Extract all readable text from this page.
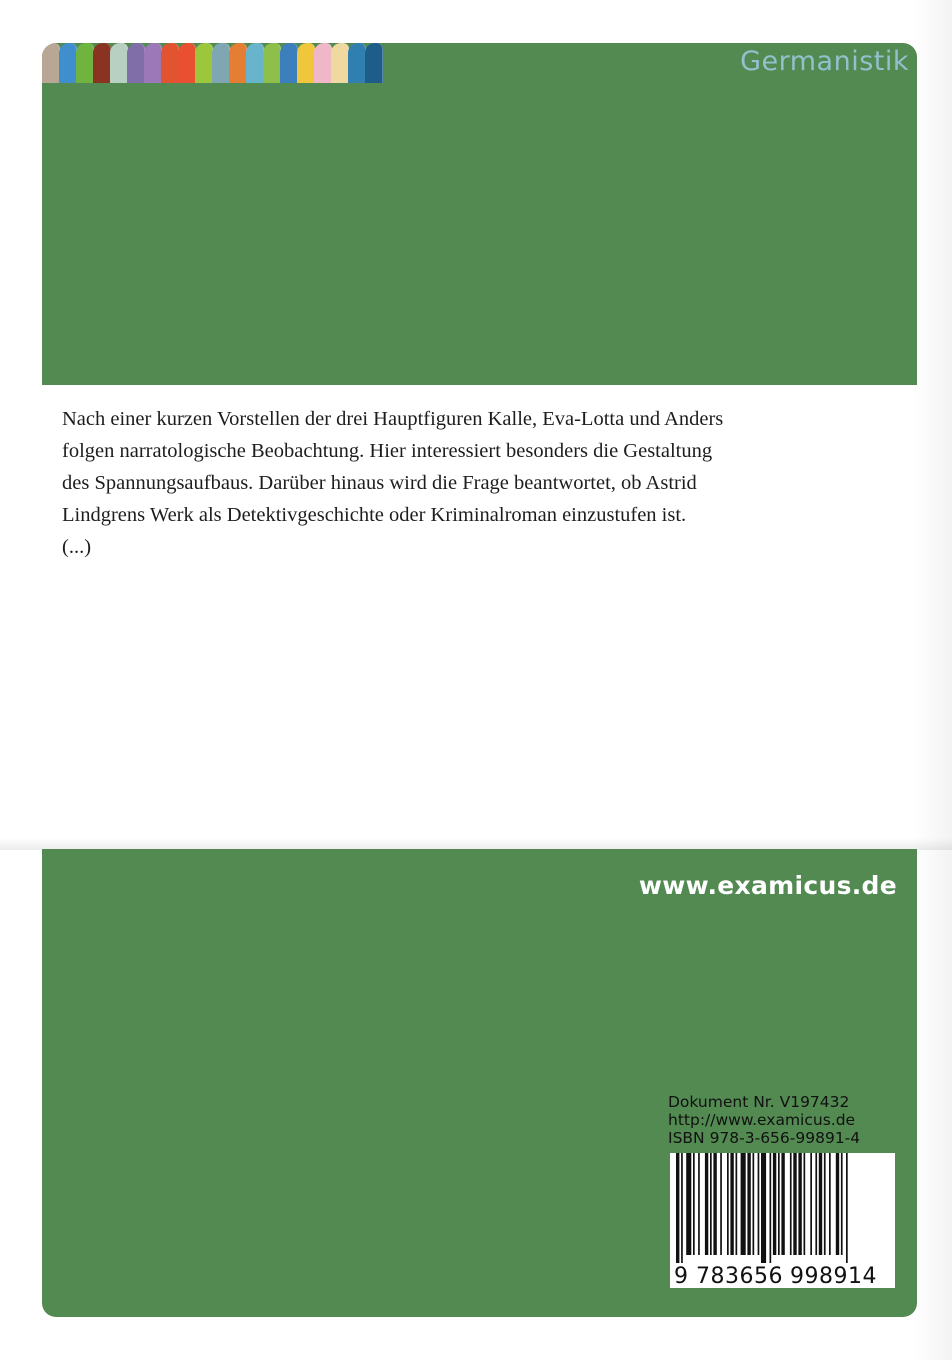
Germanistik

Nach einer kurzen Vorstellen der drei Hauptfiguren Kalle, Eva-Lotta und Anders

folgen narratologische Beobachtung. Hier interessiert besonders die Gestaltung

des Spannungsaufbaus. Darüber hinaus wird die Frage beantwortet, ob Astrid

Lindgrens Werk als Detektivgeschichte oder Kriminalroman einzustufen ist.

(...)

www.examicus.de
Dokument Nr. V197432
http://www.examicus.de
ISBN 978-3-656-99891-4
9 783656 998914
